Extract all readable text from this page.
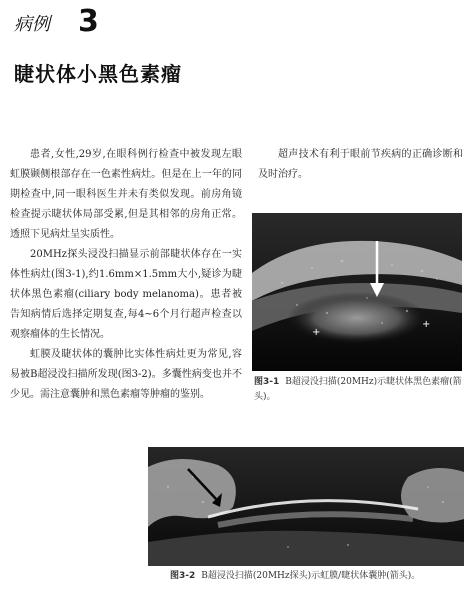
病例 3
睫状体小黑色素瘤

患者,女性,29岁,在眼科例行检查中被发现左眼虹膜颞侧根部存在一色素性病灶。但是在上一年的同期检查中,同一眼科医生并未有类似发现。前房角镜检查提示睫状体局部受累,但是其相邻的房角正常。透照下见病灶呈实质性。

20MHz探头浸没扫描显示前部睫状体存在一实体性病灶(图3-1),约1.6mm×1.5mm大小,疑诊为睫状体黑色素瘤(ciliary body melanoma)。患者被告知病情后选择定期复查,每4~6个月行超声检查以观察瘤体的生长情况。

虹膜及睫状体的囊肿比实体性病灶更为常见,容易被B超浸没扫描所发现(图3-2)。多囊性病变也并不少见。需注意囊肿和黑色素瘤等肿瘤的鉴别。

超声技术有利于眼前节疾病的正确诊断和及时治疗。

+
+
图3-1 B超浸没扫描(20MHz)示睫状体黑色素瘤(箭头)。
图3-2 B超浸没扫描(20MHz探头)示虹膜/睫状体囊肿(箭头)。
